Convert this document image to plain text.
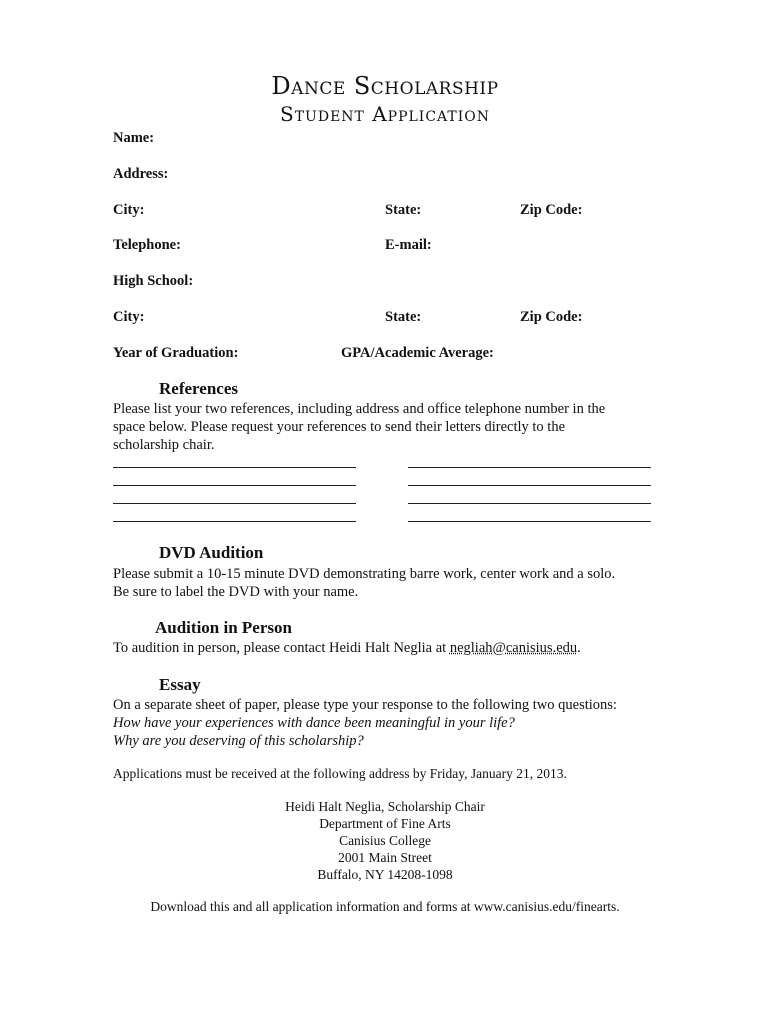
Dance Scholarship
Student Application
Name:
Address:
City:	State:	Zip Code:
Telephone:	E-mail:
High School:
City:	State:	Zip Code:
Year of Graduation:	GPA/Academic Average:
References
Please list your two references, including address and office telephone number in the
space below. Please request your references to send their letters directly to the
scholarship chair.
DVD Audition
Please submit a 10-15 minute DVD demonstrating barre work, center work and a solo.
Be sure to label the DVD with your name.
Audition in Person
To audition in person, please contact Heidi Halt Neglia at negliah@canisius.edu.
Essay
On a separate sheet of paper, please type your response to the following two questions:
How have your experiences with dance been meaningful in your life?
Why are you deserving of this scholarship?
Applications must be received at the following address by Friday, January 21, 2013.
Heidi Halt Neglia, Scholarship Chair
Department of Fine Arts
Canisius College
2001 Main Street
Buffalo, NY 14208-1098
Download this and all application information and forms at www.canisius.edu/finearts.
